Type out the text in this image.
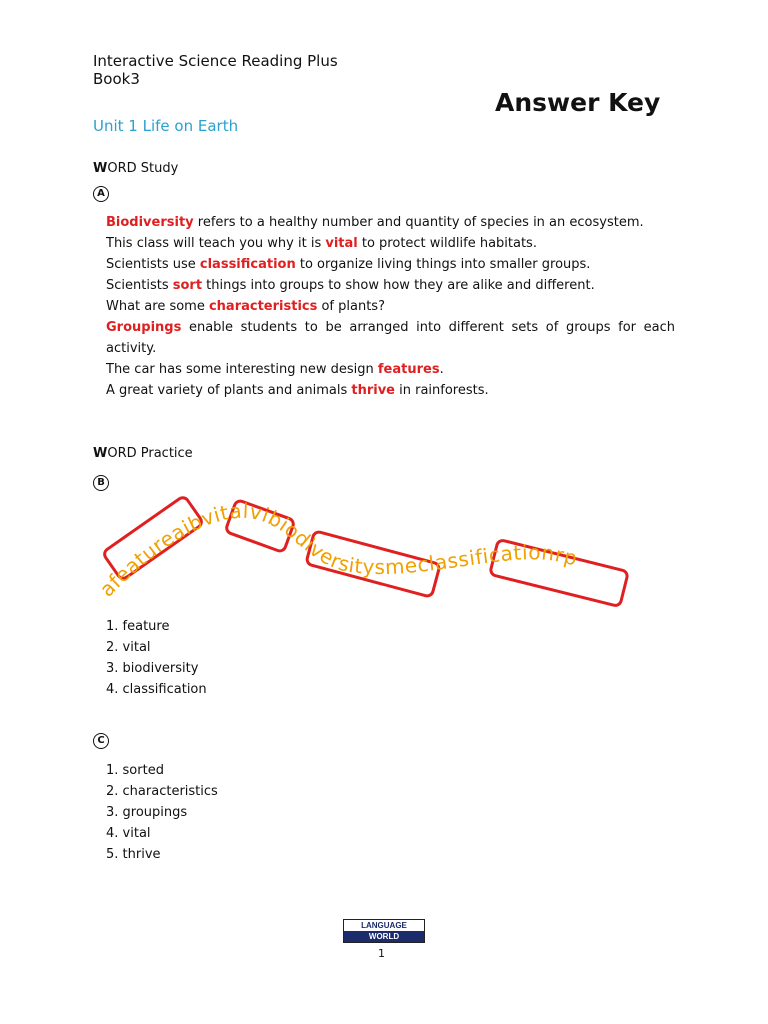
Interactive Science Reading Plus
Book3
Answer Key
Unit 1 Life on Earth
WORD Study
A
Biodiversity refers to a healthy number and quantity of species in an ecosystem.
This class will teach you why it is vital to protect wildlife habitats.
Scientists use classification to organize living things into smaller groups.
Scientists sort things into groups to show how they are alike and different.
What are some characteristics of plants?
Groupings enable students to be arranged into different sets of groups for each activity.
The car has some interesting new design features.
A great variety of plants and animals thrive in rainforests.
WORD Practice
B
afeatureaibvitalvibiodiversitysmeclassificationrp
1. feature
2. vital
3. biodiversity
4. classification
C
1. sorted
2. characteristics
3. groupings
4. vital
5. thrive
LANGUAGE
WORLD
1
